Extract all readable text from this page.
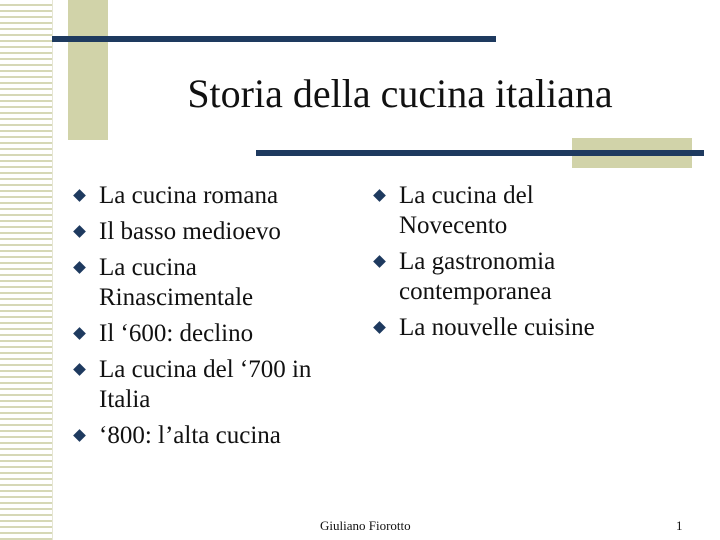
Storia della cucina italiana
La cucina romana
Il basso medioevo
La cucina Rinascimentale
Il ‘600: declino
La cucina del ‘700 in Italia
‘800: l’alta cucina
La cucina del Novecento
La gastronomia contemporanea
La nouvelle cuisine
Giuliano Fiorotto	1
